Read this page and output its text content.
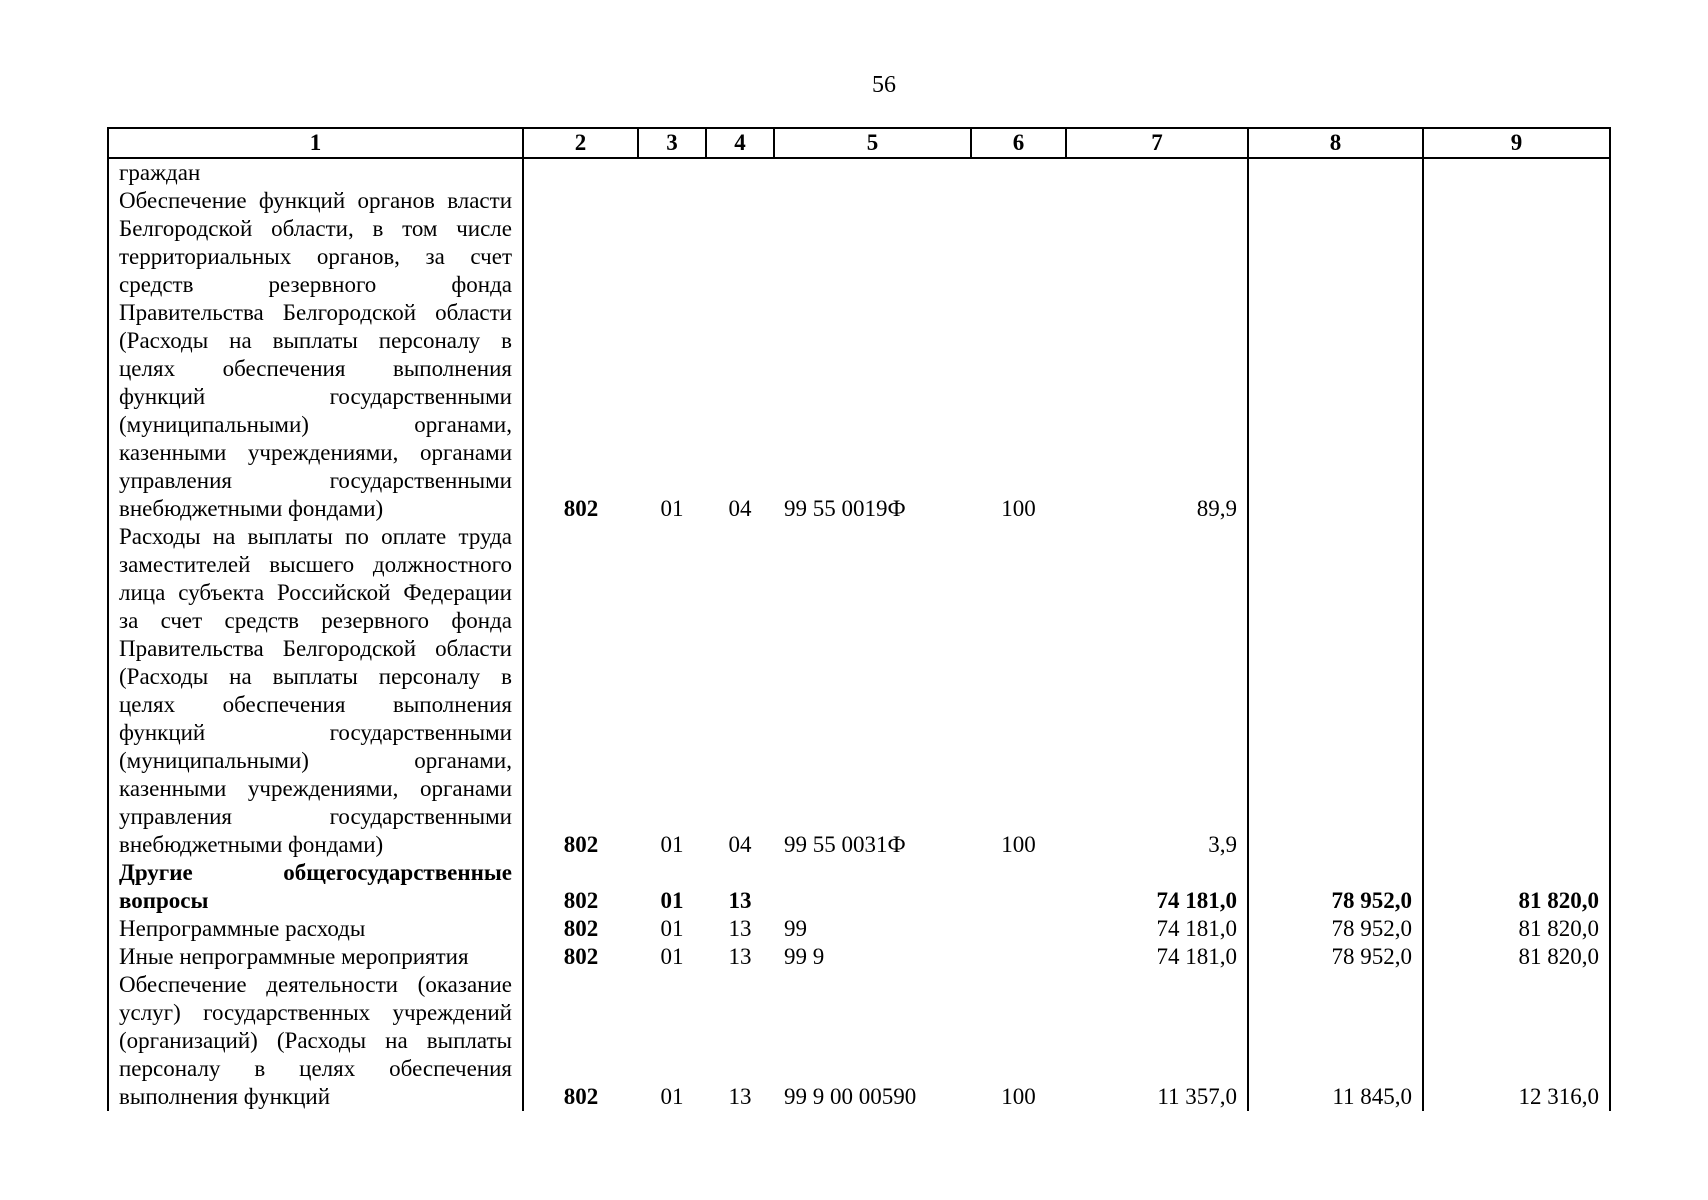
56
1	2	3	4	5	6	7	8	9
граждан								
Обеспечение функций органов власти Белгородской области, в том числе территориальных органов, за счет средств резервного фонда Правительства Белгородской области (Расходы на выплаты персоналу в целях обеспечения выполнения функций государственными (муниципальными) органами, казенными учреждениями, органами управления государственными внебюджетными фондами)	802	01	04	99 55 0019Ф	100	89,9		
Расходы на выплаты по оплате труда заместителей высшего должностного лица субъекта Российской Федерации за счет средств резервного фонда Правительства Белгородской области (Расходы на выплаты персоналу в целях обеспечения выполнения функций государственными (муниципальными) органами, казенными учреждениями, органами управления государственными внебюджетными фондами)	802	01	04	99 55 0031Ф	100	3,9		
Другие общегосударственные вопросы	802	01	13			74 181,0	78 952,0	81 820,0
Непрограммные расходы	802	01	13	99		74 181,0	78 952,0	81 820,0
Иные непрограммные мероприятия	802	01	13	99 9		74 181,0	78 952,0	81 820,0
Обеспечение деятельности (оказание услуг) государственных учреждений (организаций) (Расходы на выплаты персоналу в целях обеспечения выполнения функций	802	01	13	99 9 00 00590	100	11 357,0	11 845,0	12 316,0
